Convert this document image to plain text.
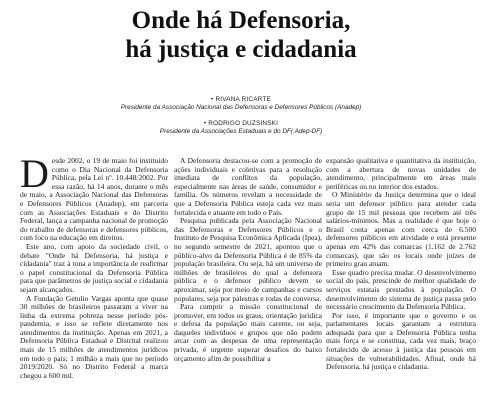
Onde há Defensoria,
há justiça e cidadania
• RIVANA RICARTE
Presidente da Associação Nacional das Defensoras e Defensores Públicos (Anadep)
• RODRIGO DUZSINSKI
Presidente da Associações Estaduais e do DF( Adep-DF)

Desde 2002, o 19 de maio foi instituído como o Dia Nacional da Defensoria Pública, pela Lei nº. 10.448/2002. Por essa razão, há 14 anos, durante o mês de maio, a Associação Nacional das Defensoras e Defensores Públicos (Anadep), em parceria com as Associações Estaduais e do Distrito Federal, lança a campanha nacional de promoção do trabalho de defensoras e defensores públicos, com foco na educação em direitos.

Este ano, com apoio da sociedade civil, o debate "Onde há Defensoria, há justiça e cidadania" traz à tona a importância de reafirmar o papel constitucional da Defensoria Pública para que parâmetros de justiça social e cidadania sejam alcançados.

A Fundação Getulio Vargas aponta que quase 30 milhões de brasileiros passaram a viver na linha da extrema pobreza nesse período pós-pandemia, e isso se reflete diretamente nos atendimentos da instituição. Apenas em 2021, a Defensoria Pública Estadual e Distrital realizou mais de 15 milhões de atendimentos jurídicos em todo o país; 1 milhão a mais que no período 2019/2020. Só no Distrito Federal a marca chegou a 600 mil.

A Defensoria destacou-se com a promoção de ações individuais e coletivas para a resolução imediata de conflitos da população, especialmente nas áreas de saúde, consumidor e família. Os números revelam a necessidade de que a Defensoria Pública esteja cada vez mais fortalecida e atuante em todo o País.

Pesquisa publicada pela Associação Nacional das Defensoras e Defensores Públicos e o Instituto de Pesquisa Econômica Aplicada (Ipea), no segundo semestre de 2021, apontou que o público-alvo da Defensoria Pública é de 85% da população brasileira. Ou seja, há um universo de milhões de brasileiros do qual a defensora pública e o defensor público devem se aproximar, seja por meio de campanhas e cursos populares, seja por palestras e rodas de conversa.

Para cumprir a missão constitucional de promover, em todos os graus, orientação jurídica e defesa da população mais carente, ou seja, daqueles indivíduos e grupos que não podem arcar com as despesas de uma representação privada, é urgente superar desafios do baixo orçamento afim de possibilitar a

expansão qualitativa e quantitativa da instituição, com a abertura de novas unidades de atendimento, principalmente em áreas mais periféricas ou no interior dos estados.

O Ministério da Justiça determina que o ideal seria um defensor público para atender cada grupo de 15 mil pessoas que recebem até três salários-mínimos. Mas a realidade é que hoje o Brasil conta apenas com cerca de 6.500 defensores públicos em atividade e está presente apenas em 42% das comarcas (1.162 de 2.762 comarcas), que são os locais onde juízes de primeiro grau atuam.

Esse quadro precisa mudar. O desenvolvimento social do país, prescinde de melhor qualidade de serviços estatais prestados à população. O desenvolvimento do sistema de justiça passa pelo necessário crescimento da Defensoria Pública.

Por isso, é importante que o governo e os parlamentares locais garantam a estrutura adequada para que a Defensoria Pública tenha mais força e se constitua, cada vez mais, braço fortalecido de acesso à justiça das pessoas em situações de vulnerabilidades. Afinal, onde há Defensoria, há justiça e cidadania.
